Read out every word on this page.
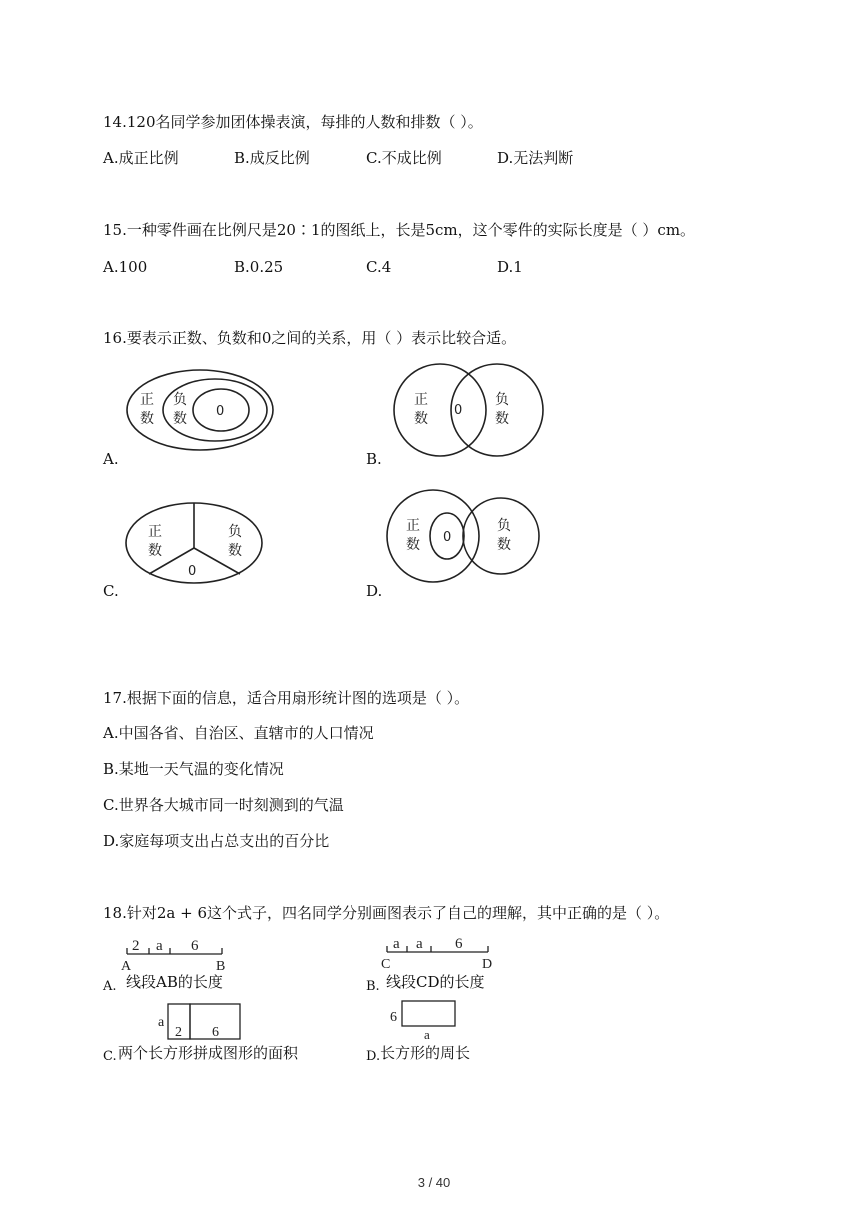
14.120名同学参加团体操表演，每排的人数和排数（ ）。
A.成正比例	B.成反比例	C.不成比例	D.无法判断
15.一种零件画在比例尺是20∶1的图纸上，长是5cm，这个零件的实际长度是（ ）cm。
A.100	B.0.25	C.4	D.1
16.要表示正数、负数和0之间的关系，用（ ）表示比较合适。
正
数
负
数 0
A.
正
数
0
负
数
B.
正
数
负
数
0
C.
正
数 0
负
数
D.
17.根据下面的信息，适合用扇形统计图的选项是（ ）。
A.中国各省、自治区、直辖市的人口情况
B.某地一天气温的变化情况
C.世界各大城市同一时刻测到的气温
D.家庭每项支出占总支出的百分比
18.针对2a + 6这个式子，四名同学分别画图表示了自己的理解，其中正确的是（ ）。
2 a 6
A	B
A. 线段AB的长度
a a 6
C	D
B. 线段CD的长度
a
2 6
C. 两个长方形拼成图形的面积
6
a
D. 长方形的周长
3 / 40
